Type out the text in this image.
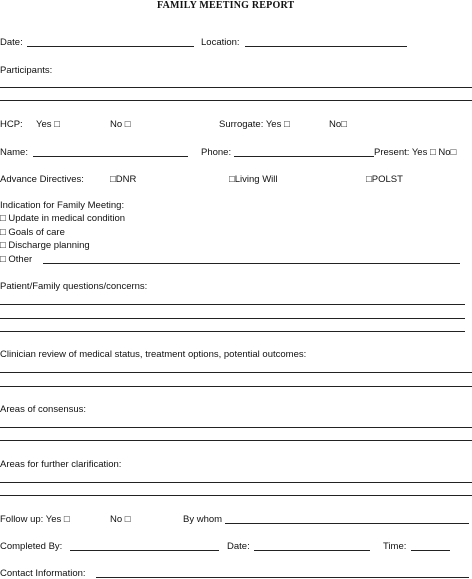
FAMILY MEETING REPORT
Date:	Location:
Participants:
HCP: Yes □	No □	Surrogate: Yes □	No□
Name:	Phone:	Present: Yes □ No□
Advance Directives:	□DNR	□Living Will	□POLST
Indication for Family Meeting:
□ Update in medical condition
□ Goals of care
□ Discharge planning
□ Other
Patient/Family questions/concerns:
Clinician review of medical status, treatment options, potential outcomes:
Areas of consensus:
Areas for further clarification:
Follow up: Yes □	No □	By whom
Completed By:	Date:	Time:
Contact Information:
